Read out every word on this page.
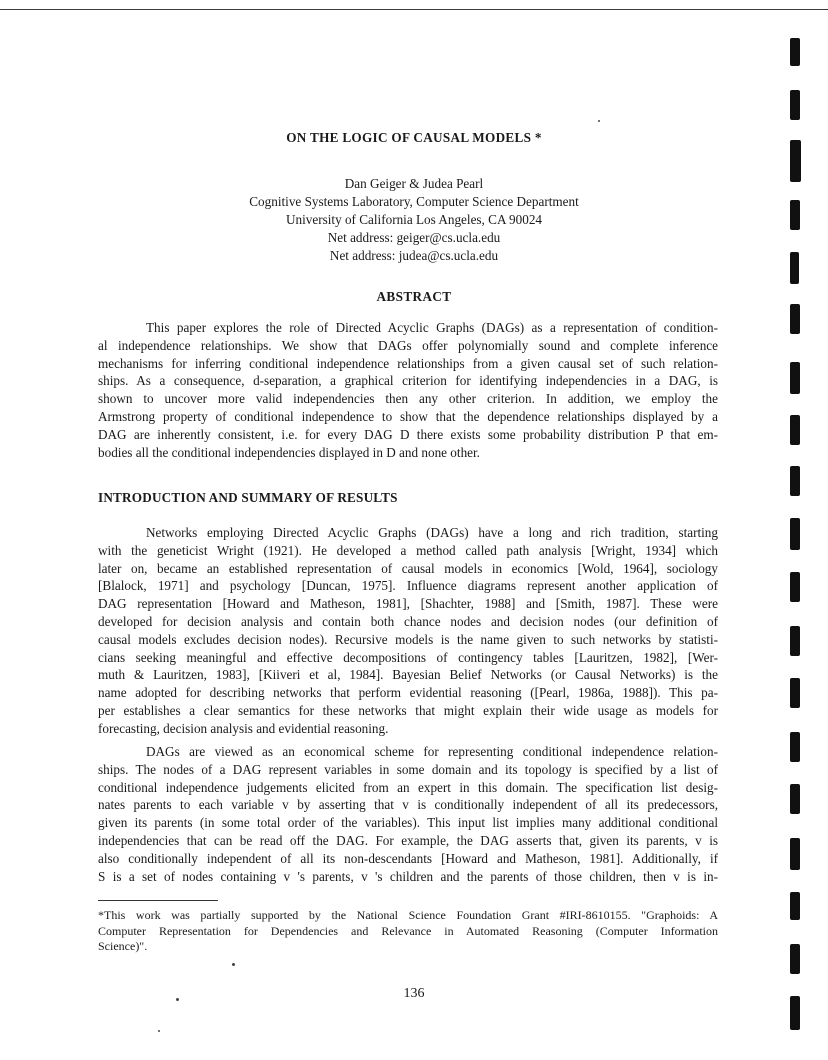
ON THE LOGIC OF CAUSAL MODELS *
Dan Geiger & Judea Pearl
Cognitive Systems Laboratory, Computer Science Department
University of California Los Angeles, CA 90024
Net address: geiger@cs.ucla.edu
Net address: judea@cs.ucla.edu
ABSTRACT
This paper explores the role of Directed Acyclic Graphs (DAGs) as a representation of condition-
al independence relationships. We show that DAGs offer polynomially sound and complete inference
mechanisms for inferring conditional independence relationships from a given causal set of such relation-
ships. As a consequence, d-separation, a graphical criterion for identifying independencies in a DAG, is
shown to uncover more valid independencies then any other criterion. In addition, we employ the
Armstrong property of conditional independence to show that the dependence relationships displayed by a
DAG are inherently consistent, i.e. for every DAG D there exists some probability distribution P that em-
bodies all the conditional independencies displayed in D and none other.
INTRODUCTION AND SUMMARY OF RESULTS
Networks employing Directed Acyclic Graphs (DAGs) have a long and rich tradition, starting
with the geneticist Wright (1921). He developed a method called path analysis [Wright, 1934] which
later on, became an established representation of causal models in economics [Wold, 1964], sociology
[Blalock, 1971] and psychology [Duncan, 1975]. Influence diagrams represent another application of
DAG representation [Howard and Matheson, 1981], [Shachter, 1988] and [Smith, 1987]. These were
developed for decision analysis and contain both chance nodes and decision nodes (our definition of
causal models excludes decision nodes). Recursive models is the name given to such networks by statisti-
cians seeking meaningful and effective decompositions of contingency tables [Lauritzen, 1982], [Wer-
muth & Lauritzen, 1983], [Kiiveri et al, 1984]. Bayesian Belief Networks (or Causal Networks) is the
name adopted for describing networks that perform evidential reasoning ([Pearl, 1986a, 1988]). This pa-
per establishes a clear semantics for these networks that might explain their wide usage as models for
forecasting, decision analysis and evidential reasoning.
DAGs are viewed as an economical scheme for representing conditional independence relation-
ships. The nodes of a DAG represent variables in some domain and its topology is specified by a list of
conditional independence judgements elicited from an expert in this domain. The specification list desig-
nates parents to each variable v by asserting that v is conditionally independent of all its predecessors,
given its parents (in some total order of the variables). This input list implies many additional conditional
independencies that can be read off the DAG. For example, the DAG asserts that, given its parents, v is
also conditionally independent of all its non-descendants [Howard and Matheson, 1981]. Additionally, if
S is a set of nodes containing v 's parents, v 's children and the parents of those children, then v is in-
*This work was partially supported by the National Science Foundation Grant #IRI-8610155. "Graphoids: A
Computer Representation for Dependencies and Relevance in Automated Reasoning (Computer Information
Science)".
136
